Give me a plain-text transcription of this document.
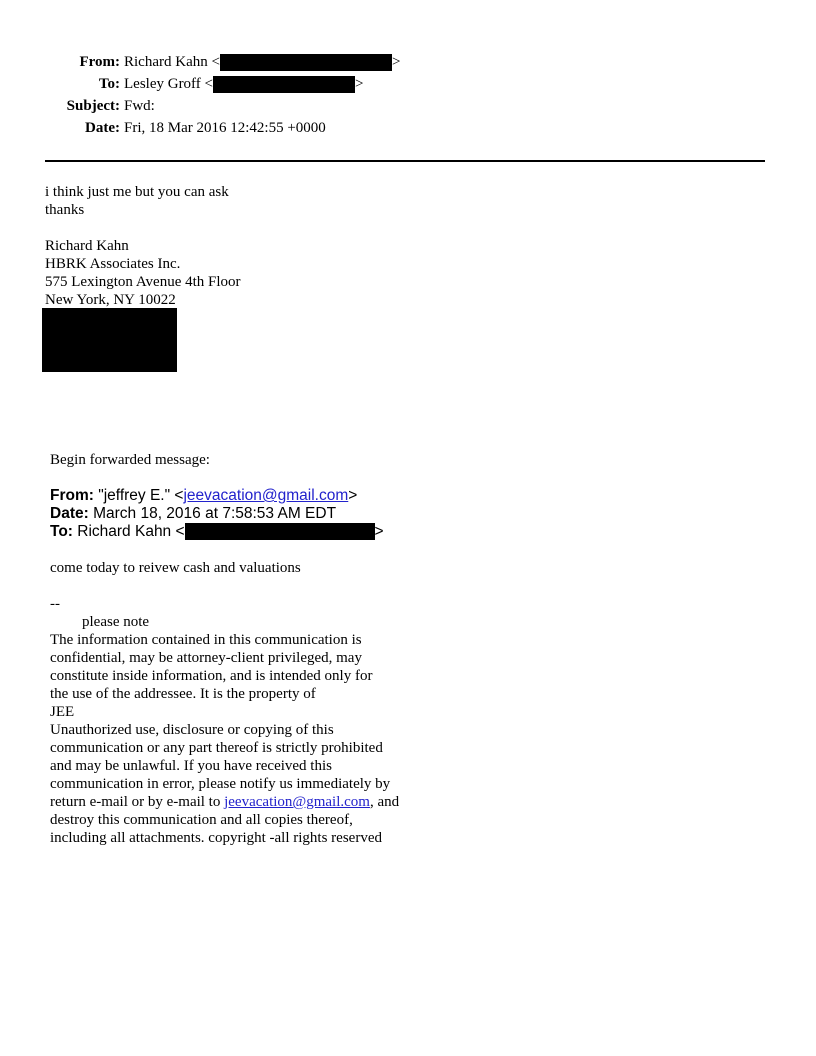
From: Richard Kahn <	>
To: Lesley Groff <	>
Subject: Fwd:
Date: Fri, 18 Mar 2016 12:42:55 +0000
i think just me but you can ask
thanks
Richard Kahn
HBRK Associates Inc.
575 Lexington Avenue 4th Floor
New York, NY 10022
Begin forwarded message:
From: "jeffrey E." <jeevacation@gmail.com>
Date: March 18, 2016 at 7:58:53 AM EDT
To: Richard Kahn <	>
come today to reivew cash and valuations
--
please note
The information contained in this communication is
confidential, may be attorney-client privileged, may
constitute inside information, and is intended only for
the use of the addressee. It is the property of
JEE
Unauthorized use, disclosure or copying of this
communication or any part thereof is strictly prohibited
and may be unlawful. If you have received this
communication in error, please notify us immediately by
return e-mail or by e-mail to jeevacation@gmail.com, and
destroy this communication and all copies thereof,
including all attachments. copyright -all rights reserved
